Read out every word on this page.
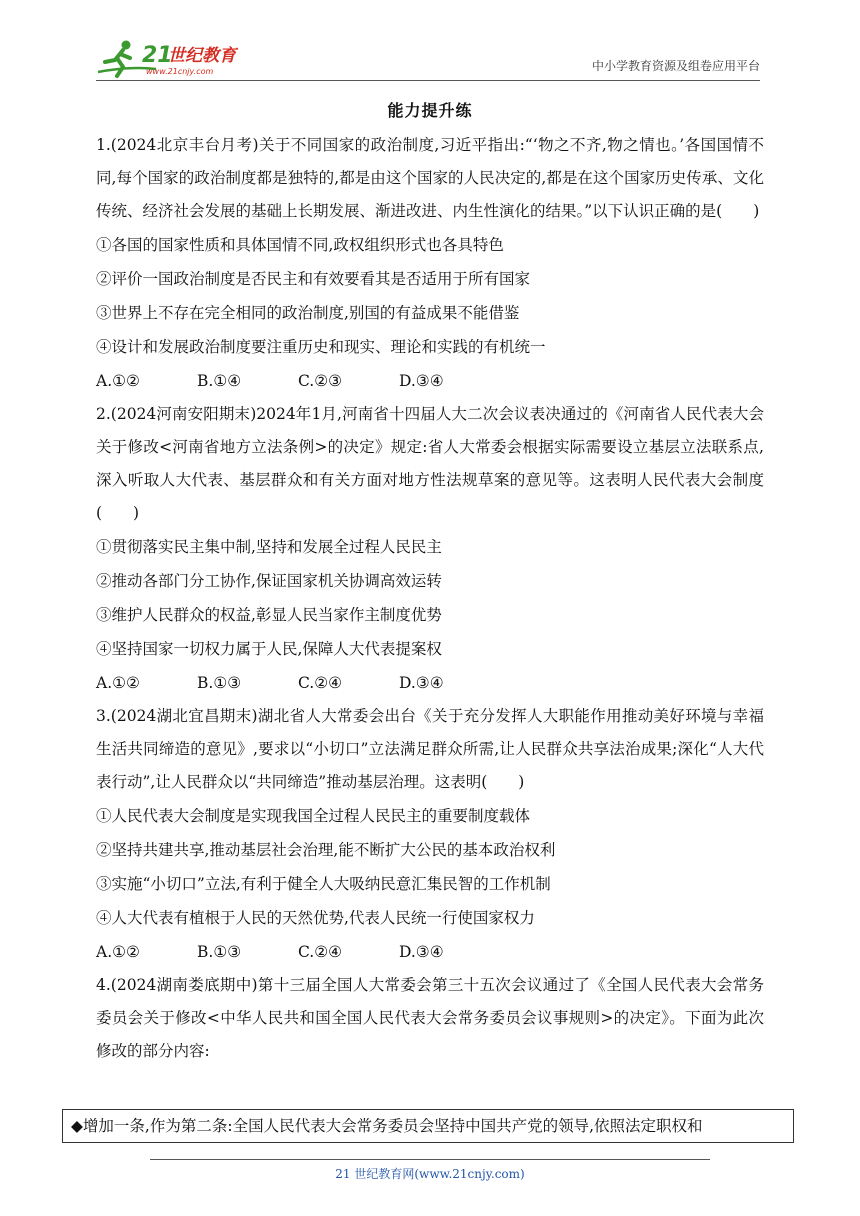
21
世纪教育
www.21cnjy.com	中小学教育资源及组卷应用平台
能力提升练
1.(2024北京丰台月考)关于不同国家的政治制度,习近平指出:“‘物之不齐,物之情也。’各国国情不同,每个国家的政治制度都是独特的,都是由这个国家的人民决定的,都是在这个国家历史传承、文化传统、经济社会发展的基础上长期发展、渐进改进、内生性演化的结果。”以下认识正确的是(　　)
①各国的国家性质和具体国情不同,政权组织形式也各具特色
②评价一国政治制度是否民主和有效要看其是否适用于所有国家
③世界上不存在完全相同的政治制度,别国的有益成果不能借鉴
④设计和发展政治制度要注重历史和现实、理论和实践的有机统一
A.①②	B.①④	C.②③	D.③④
2.(2024河南安阳期末)2024年1月,河南省十四届人大二次会议表决通过的《河南省人民代表大会关于修改<河南省地方立法条例>的决定》规定:省人大常委会根据实际需要设立基层立法联系点,深入听取人大代表、基层群众和有关方面对地方性法规草案的意见等。这表明人民代表大会制度(　　)
①贯彻落实民主集中制,坚持和发展全过程人民民主
②推动各部门分工协作,保证国家机关协调高效运转
③维护人民群众的权益,彰显人民当家作主制度优势
④坚持国家一切权力属于人民,保障人大代表提案权
A.①②	B.①③	C.②④	D.③④
3.(2024湖北宜昌期末)湖北省人大常委会出台《关于充分发挥人大职能作用推动美好环境与幸福生活共同缔造的意见》,要求以“小切口”立法满足群众所需,让人民群众共享法治成果;深化“人大代表行动”,让人民群众以“共同缔造”推动基层治理。这表明(　　)
①人民代表大会制度是实现我国全过程人民民主的重要制度载体
②坚持共建共享,推动基层社会治理,能不断扩大公民的基本政治权利
③实施“小切口”立法,有利于健全人大吸纳民意汇集民智的工作机制
④人大代表有植根于人民的天然优势,代表人民统一行使国家权力
A.①②	B.①③	C.②④	D.③④
4.(2024湖南娄底期中)第十三届全国人大常委会第三十五次会议通过了《全国人民代表大会常务委员会关于修改<中华人民共和国全国人民代表大会常务委员会议事规则>的决定》。下面为此次修改的部分内容:
◆增加一条,作为第二条:全国人民代表大会常务委员会坚持中国共产党的领导,依照法定职权和
21 世纪教育网(www.21cnjy.com)
